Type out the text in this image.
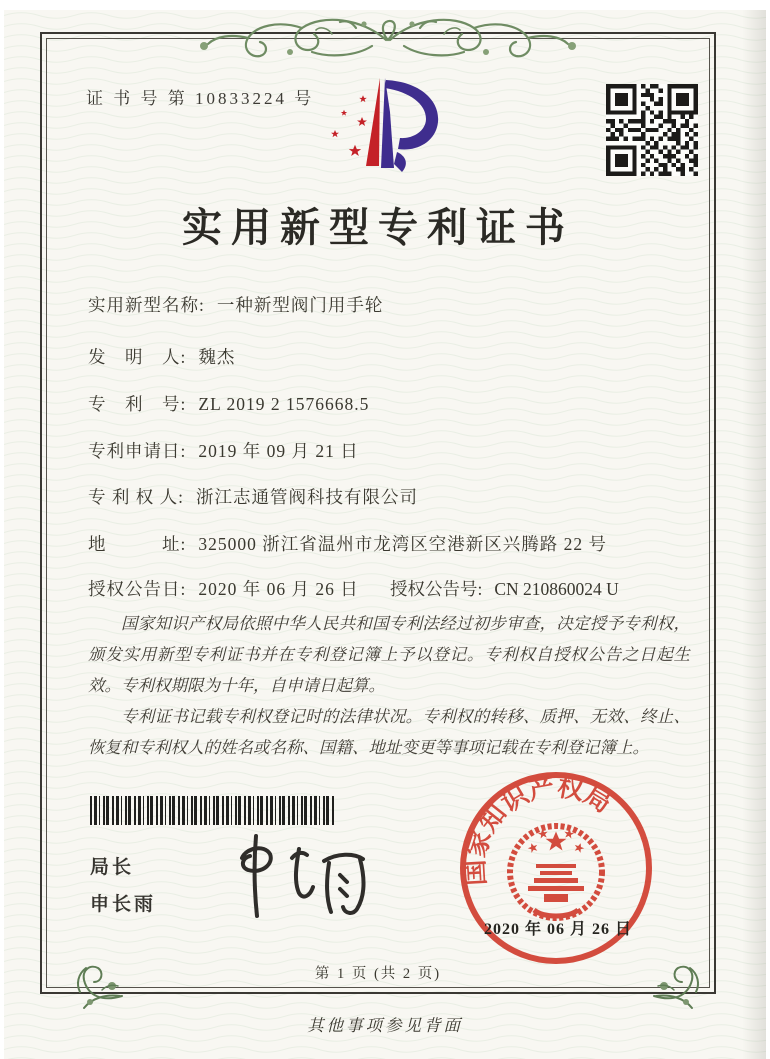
证 书 号 第 10833224 号
实用新型专利证书
实用新型名称: 一种新型阀门用手轮
发　明　人: 魏杰
专　利　号: ZL 2019 2 1576668.5
专利申请日: 2019 年 09 月 21 日
专 利 权 人: 浙江志通管阀科技有限公司
地　　　址: 325000 浙江省温州市龙湾区空港新区兴腾路 22 号
授权公告日: 2020 年 06 月 26 日 授权公告号: CN 210860024 U

国家知识产权局依照中华人民共和国专利法经过初步审查，决定授予专利权，颁发实用新型专利证书并在专利登记簿上予以登记。专利权自授权公告之日起生效。专利权期限为十年，自申请日起算。

专利证书记载专利权登记时的法律状况。专利权的转移、质押、无效、终止、恢复和专利权人的姓名或名称、国籍、地址变更等事项记载在专利登记簿上。

局长
申长雨
国家知识产权局
2020 年 06 月 26 日
第 1 页 (共 2 页)
其他事项参见背面
